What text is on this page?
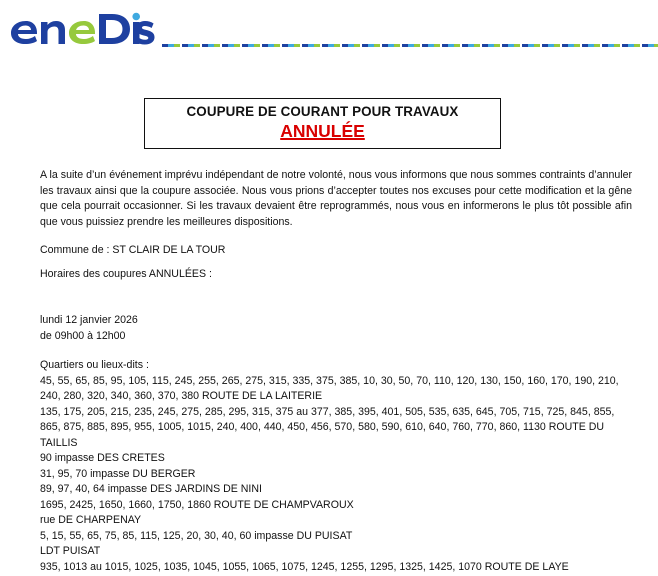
COUPURE DE COURANT POUR TRAVAUX
ANNULÉE

A la suite d’un événement imprévu indépendant de notre volonté, nous vous informons que nous sommes contraints d’annuler les travaux ainsi que la coupure associée. Nous vous prions d’accepter toutes nos excuses pour cette modification et la gêne que cela pourrait occasionner. Si les travaux devaient être reprogrammés, nous vous en informerons le plus tôt possible afin que vous puissiez prendre les meilleures dispositions.

Commune de : ST CLAIR DE LA TOUR
Horaires des coupures ANNULÉES :
lundi 12 janvier 2026
de 09h00 à 12h00
Quartiers ou lieux-dits :
45, 55, 65, 85, 95, 105, 115, 245, 255, 265, 275, 315, 335, 375, 385, 10, 30, 50, 70, 110, 120, 130, 150, 160, 170, 190, 210, 240, 280, 320, 340, 360, 370, 380 ROUTE DE LA LAITERIE
135, 175, 205, 215, 235, 245, 275, 285, 295, 315, 375 au 377, 385, 395, 401, 505, 535, 635, 645, 705, 715, 725, 845, 855, 865, 875, 885, 895, 955, 1005, 1015, 240, 400, 440, 450, 456, 570, 580, 590, 610, 640, 760, 770, 860, 1130 ROUTE DU TAILLIS
90 impasse DES CRETES
31, 95, 70 impasse DU BERGER
89, 97, 40, 64 impasse DES JARDINS DE NINI
1695, 2425, 1650, 1660, 1750, 1860 ROUTE DE CHAMPVAROUX
rue DE CHARPENAY
5, 15, 55, 65, 75, 85, 115, 125, 20, 30, 40, 60 impasse DU PUISAT
LDT PUISAT
935, 1013 au 1015, 1025, 1035, 1045, 1055, 1065, 1075, 1245, 1255, 1295, 1325, 1425, 1070 ROUTE DE LAYE
